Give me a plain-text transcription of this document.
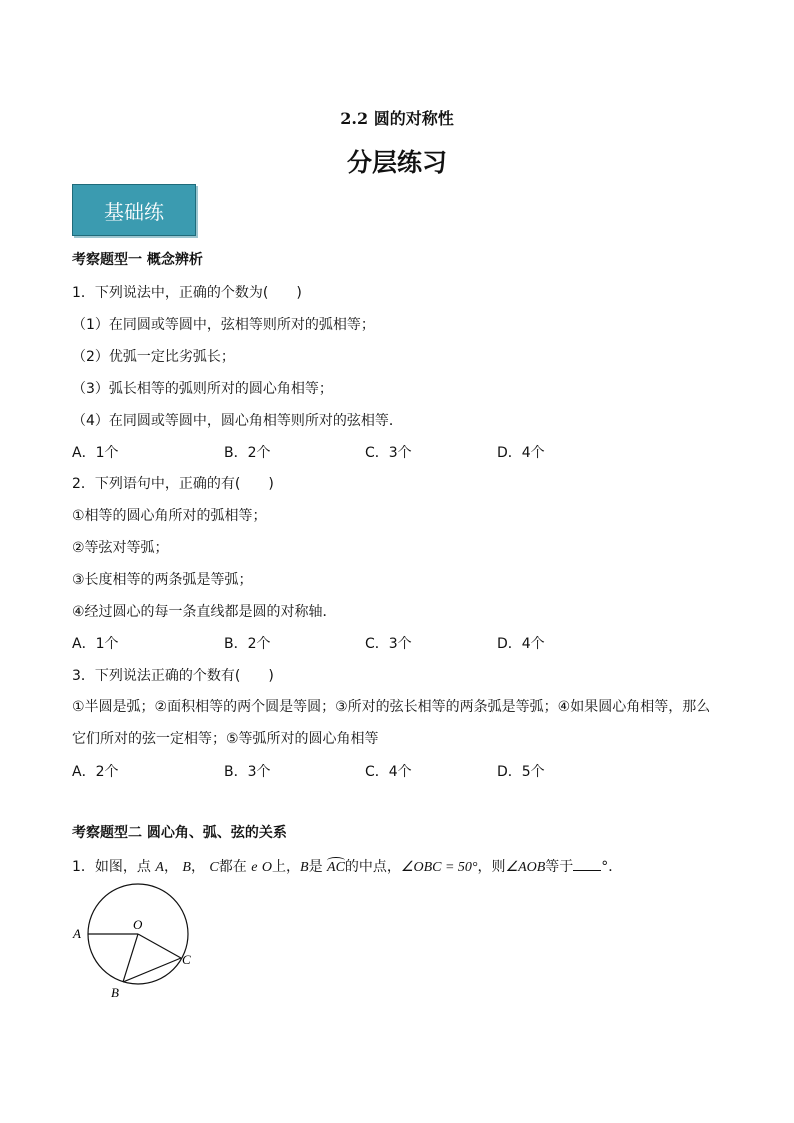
2.2 圆的对称性
分层练习
基础练
考察题型一 概念辨析
1．下列说法中，正确的个数为(　　)
（1）在同圆或等圆中，弦相等则所对的弧相等；
（2）优弧一定比劣弧长；
（3）弧长相等的弧则所对的圆心角相等；
（4）在同圆或等圆中，圆心角相等则所对的弦相等．
A．1个	B．2个	C．3个	D．4个
2．下列语句中，正确的有(　　)
①相等的圆心角所对的弧相等；
②等弦对等弧；
③长度相等的两条弧是等弧；
④经过圆心的每一条直线都是圆的对称轴．
A．1个	B．2个	C．3个	D．4个
3．下列说法正确的个数有(　　)
①半圆是弧；②面积相等的两个圆是等圆；③所对的弦长相等的两条弧是等弧；④如果圆心角相等，那么
它们所对的弦一定相等；⑤等弧所对的圆心角相等
A．2个	B．3个	C．4个	D．5个
考察题型二 圆心角、弧、弦的关系
1．如图，点 A， B， C都在 e O上，B是 AC的中点，∠OBC = 50°，则∠AOB等于 °．
A
O
C
B
